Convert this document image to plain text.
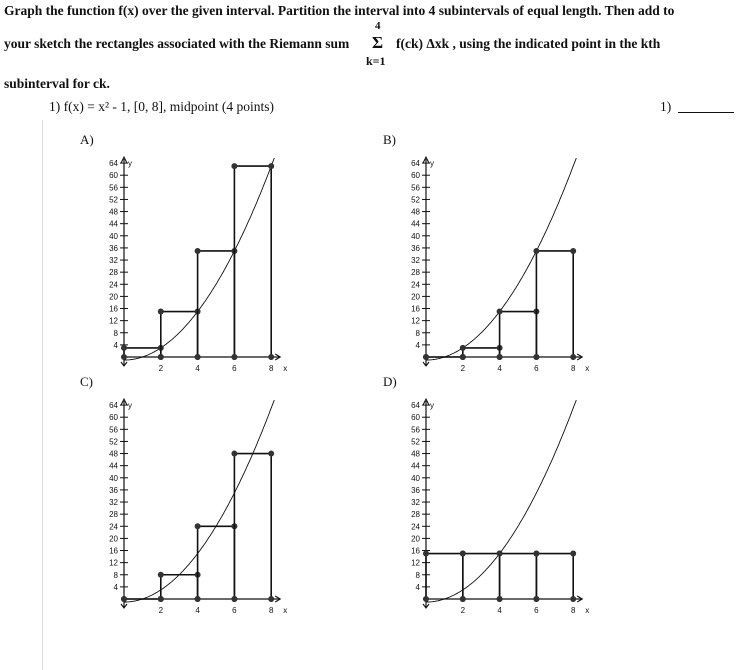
Graph the function f(x) over the given interval. Partition the interval into 4 subintervals of equal length. Then add to
your sketch the rectangles associated with the Riemann sum
4
Σ
k=1
f(ck) Δxk , using the indicated point in the kth
subinterval for ck.
1) f(x) = x² - 1, [0, 8], midpoint (4 points)	1)
A)	B)
C)	D)
4
8
12
16
20
24
28
32
36
40
44
48
52
56
60
64 y
2	4	6	8 x
4
8
12
16
20
24
28
32
36
40
44
48
52
56
60
64 y
2	4	6	8 x
4
8
12
16
20
24
28
32
36
40
44
48
52
56
60
64 y
2	4	6	8 x
4
8
12
16
20
24
28
32
36
40
44
48
52
56
60
64 y
2	4	6	8 x
